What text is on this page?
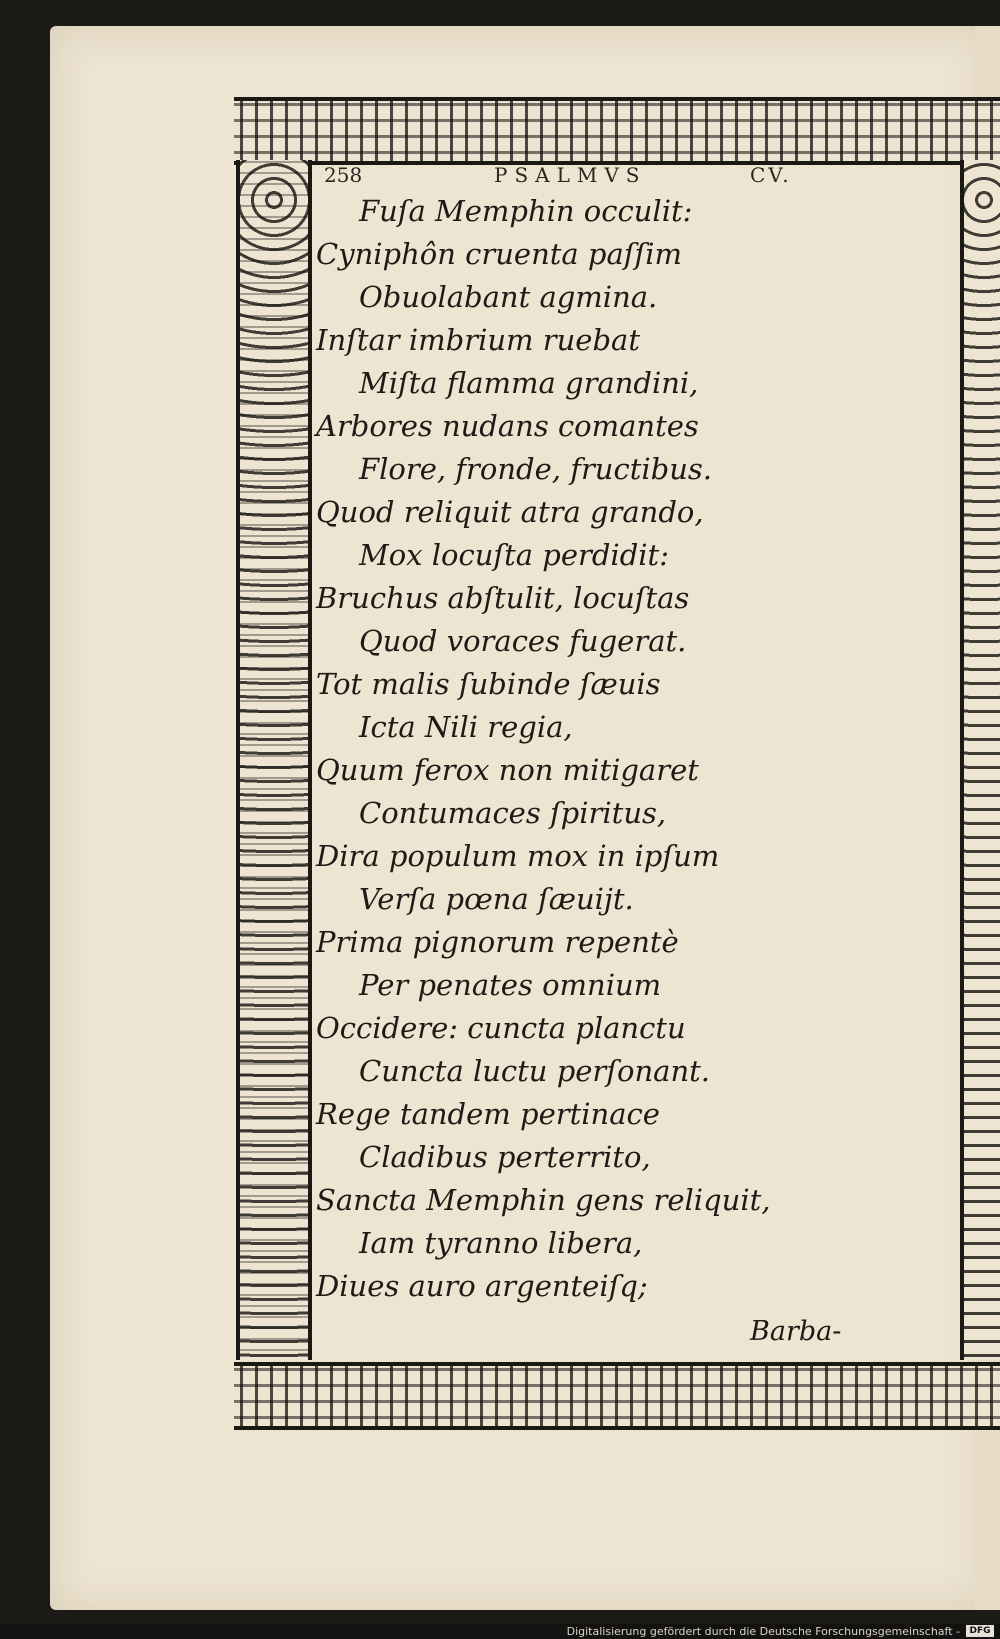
258	PSALMVS	CV.
Fuſa Memphin occulit:
Cyniphôn cruenta paſſim
Obuolabant agmina.
Inſtar imbrium ruebat
Miſta flamma grandini,
Arbores nudans comantes
Flore, fronde, fructibus.
Quod reliquit atra grando,
Mox locuſta perdidit:
Bruchus abſtulit, locuſtas
Quod voraces fugerat.
Tot malis ſubinde ſæuis
Icta Nili regia,
Quum ferox non mitigaret
Contumaces ſpiritus,
Dira populum mox in ipſum
Verſa pœna ſæuijt.
Prima pignorum repentè
Per penates omnium
Occidere: cuncta planctu
Cuncta luctu perſonant.
Rege tandem pertinace
Cladibus perterrito,
Sancta Memphin gens reliquit,
Iam tyranno libera,
Diues auro argenteiſq;
Barba-
Digitalisierung gefördert durch die Deutsche Forschungsgemeinschaft -	DFG
